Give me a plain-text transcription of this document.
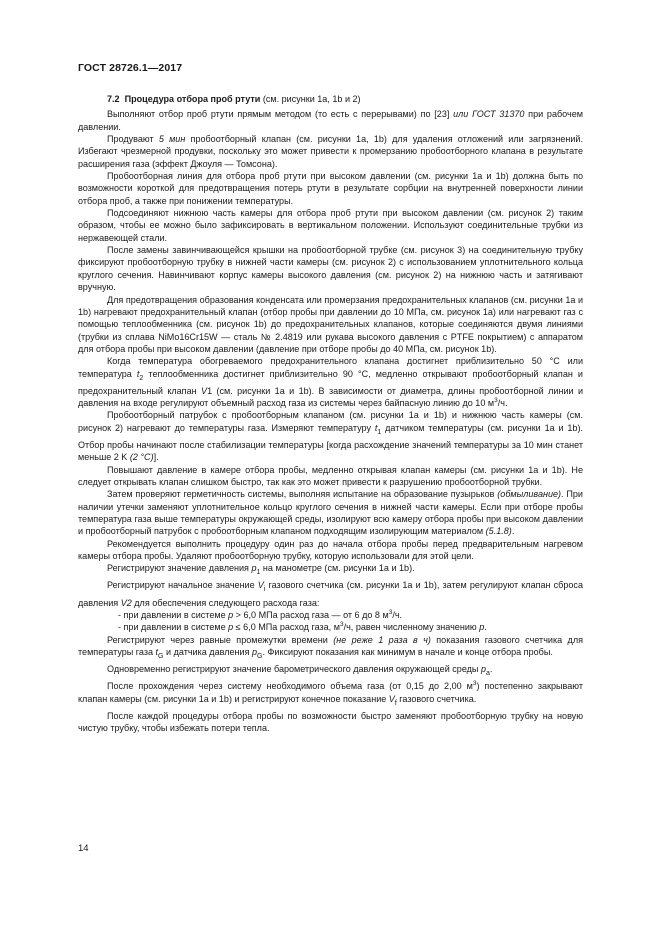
ГОСТ 28726.1—2017

7.2 Процедура отбора проб ртути (см. рисунки 1a, 1b и 2)

Выполняют отбор проб ртути прямым методом (то есть с перерывами) по [23] или ГОСТ 31370 при рабочем давлении.

Продувают 5 мин пробоотборный клапан (см. рисунки 1a, 1b) для удаления отложений или загрязнений. Избегают чрезмерной продувки, поскольку это может привести к промерзанию пробоотборного клапана в результате расширения газа (эффект Джоуля — Томсона).

Пробоотборная линия для отбора проб ртути при высоком давлении (см. рисунки 1a и 1b) должна быть по возможности короткой для предотвращения потерь ртути в результате сорбции на внутренней поверхности линии отбора проб, а также при понижении температуры.

Подсоединяют нижнюю часть камеры для отбора проб ртути при высоком давлении (см. рисунок 2) таким образом, чтобы ее можно было зафиксировать в вертикальном положении. Используют соединительные трубки из нержавеющей стали.

После замены завинчивающейся крышки на пробоотборной трубке (см. рисунок 3) на соединительную трубку фиксируют пробоотборную трубку в нижней части камеры (см. рисунок 2) с использованием уплотнительного кольца круглого сечения. Навинчивают корпус камеры высокого давления (см. рисунок 2) на нижнюю часть и затягивают вручную.

Для предотвращения образования конденсата или промерзания предохранительных клапанов (см. рисунки 1a и 1b) нагревают предохранительный клапан (отбор пробы при давлении до 10 МПа, см. рисунок 1a) или нагревают газ с помощью теплообменника (см. рисунок 1b) до предохранительных клапанов, которые соединяются двумя линиями (трубки из сплава NiMo16Cr15W — сталь № 2.4819 или рукава высокого давления с PTFE покрытием) с аппаратом для отбора пробы при высоком давлении (давление при отборе пробы до 40 МПа, см. рисунок 1b).

Когда температура обогреваемого предохранительного клапана достигнет приблизительно 50 °C или температура $t_2$ теплообменника достигнет приблизительно 90 °C, медленно открывают пробоотборный клапан и предохранительный клапан V1 (см. рисунки 1a и 1b). В зависимости от диаметра, длины пробоотборной линии и давления на входе регулируют объемный расход газа из системы через байпасную линию до 10 $м^3/ч$.

Пробоотборный патрубок с пробоотборным клапаном (см. рисунки 1a и 1b) и нижнюю часть камеры (см. рисунок 2) нагревают до температуры газа. Измеряют температуру $t_1$ датчиком температуры (см. рисунки 1a и 1b). Отбор пробы начинают после стабилизации температуры [когда расхождение значений температуры за 10 мин станет меньше 2 K (2 °C)].

Повышают давление в камере отбора пробы, медленно открывая клапан камеры (см. рисунки 1a и 1b). Не следует открывать клапан слишком быстро, так как это может привести к разрушению пробоотборной трубки.

Затем проверяют герметичность системы, выполняя испытание на образование пузырьков (обмыливание). При наличии утечки заменяют уплотнительное кольцо круглого сечения в нижней части камеры. Если при отборе пробы температура газа выше температуры окружающей среды, изолируют всю камеру отбора пробы при высоком давлении и пробоотборный патрубок с пробоотборным клапаном подходящим изолирующим материалом (5.1.8).

Рекомендуется выполнить процедуру один раз до начала отбора пробы перед предварительным нагревом камеры отбора пробы. Удаляют пробоотборную трубку, которую использовали для этой цели.

Регистрируют значение давления $p_1$ на манометре (см. рисунки 1a и 1b).

Регистрируют начальное значение $V_i$ газового счетчика (см. рисунки 1a и 1b), затем регулируют клапан сброса давления V2 для обеспечения следующего расхода газа:

- при давлении в системе p > 6,0 МПа расход газа — от 6 до 8 $м^3/ч$.

- при давлении в системе p ≤ 6,0 МПа расход газа, $м^3/ч$, равен численному значению p.

Регистрируют через равные промежутки времени (не реже 1 раза в ч) показания газового счетчика для температуры газа $t_G$ и датчика давления $p_G$. Фиксируют показания как минимум в начале и конце отбора пробы.

Одновременно регистрируют значение барометрического давления окружающей среды $p_a$.

После прохождения через систему необходимого объема газа (от 0,15 до 2,00 $м^3$) постепенно закрывают клапан камеры (см. рисунки 1a и 1b) и регистрируют конечное показание $V_f$ газового счетчика.

После каждой процедуры отбора пробы по возможности быстро заменяют пробоотборную трубку на новую чистую трубку, чтобы избежать потери тепла.

14
